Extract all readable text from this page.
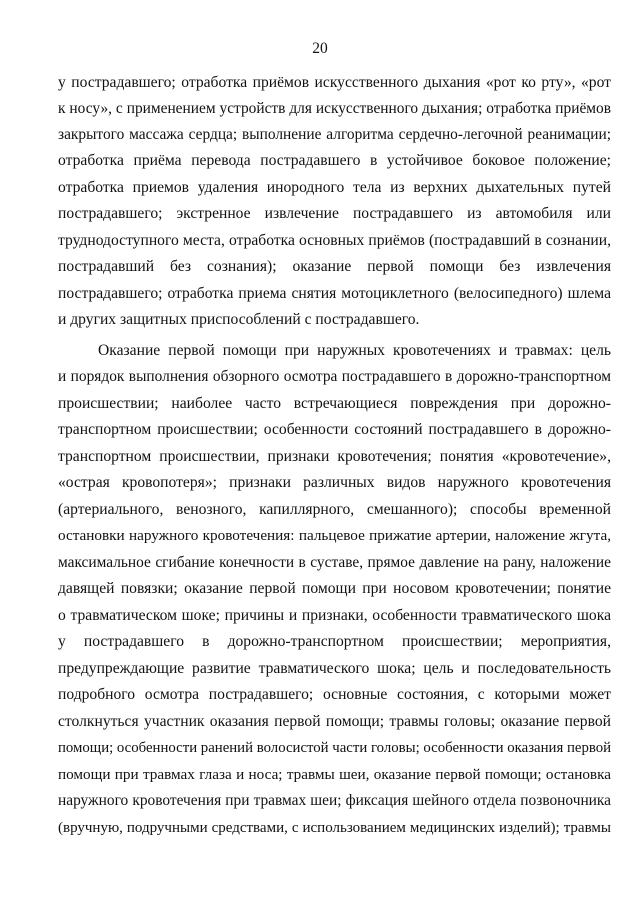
20
у пострадавшего; отработка приёмов искусственного дыхания «рот ко рту», «рот
к носу», с применением устройств для искусственного дыхания; отработка приёмов
закрытого массажа сердца; выполнение алгоритма сердечно-легочной реанимации;
отработка приёма перевода пострадавшего в устойчивое боковое положение;
отработка приемов удаления инородного тела из верхних дыхательных путей
пострадавшего; экстренное извлечение пострадавшего из автомобиля или
труднодоступного места, отработка основных приёмов (пострадавший в сознании,
пострадавший без сознания); оказание первой помощи без извлечения
пострадавшего; отработка приема снятия мотоциклетного (велосипедного) шлема
и других защитных приспособлений с пострадавшего.
Оказание первой помощи при наружных кровотечениях и травмах: цель
и порядок выполнения обзорного осмотра пострадавшего в дорожно-транспортном
происшествии; наиболее часто встречающиеся повреждения при дорожно-
транспортном происшествии; особенности состояний пострадавшего в дорожно-
транспортном происшествии, признаки кровотечения; понятия «кровотечение»,
«острая кровопотеря»; признаки различных видов наружного кровотечения
(артериального, венозного, капиллярного, смешанного); способы временной
остановки наружного кровотечения: пальцевое прижатие артерии, наложение жгута,
максимальное сгибание конечности в суставе, прямое давление на рану, наложение
давящей повязки; оказание первой помощи при носовом кровотечении; понятие
о травматическом шоке; причины и признаки, особенности травматического шока
у пострадавшего в дорожно-транспортном происшествии; мероприятия,
предупреждающие развитие травматического шока; цель и последовательность
подробного осмотра пострадавшего; основные состояния, с которыми может
столкнуться участник оказания первой помощи; травмы головы; оказание первой
помощи; особенности ранений волосистой части головы; особенности оказания первой
помощи при травмах глаза и носа; травмы шеи, оказание первой помощи; остановка
наружного кровотечения при травмах шеи; фиксация шейного отдела позвоночника
(вручную, подручными средствами, с использованием медицинских изделий); травмы
